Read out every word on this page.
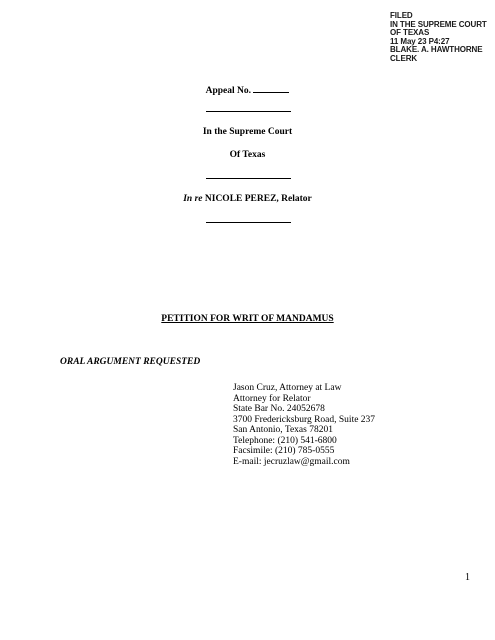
FILED
IN THE SUPREME COURT
OF TEXAS
11 May 23 P4:27
BLAKE. A. HAWTHORNE
CLERK
Appeal No.
In the Supreme Court
Of Texas
In re NICOLE PEREZ, Relator
PETITION FOR WRIT OF MANDAMUS
ORAL ARGUMENT REQUESTED
Jason Cruz, Attorney at Law
Attorney for Relator
State Bar No. 24052678
3700 Fredericksburg Road, Suite 237
San Antonio, Texas 78201
Telephone: (210) 541-6800
Facsimile: (210) 785-0555
E-mail: jecruzlaw@gmail.com
1
